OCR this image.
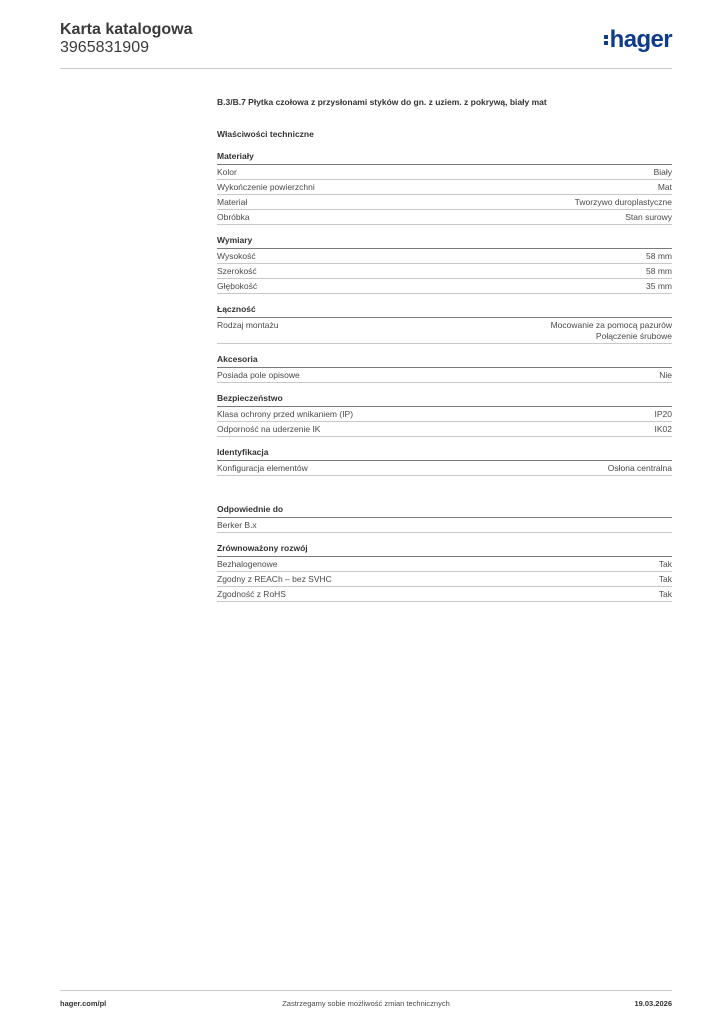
Karta katalogowa
3965831909	hager
B.3/B.7 Płytka czołowa z przysłonami styków do gn. z uziem. z pokrywą, biały mat
Właściwości techniczne
Materiały
Kolor	Biały
Wykończenie powierzchni	Mat
Materiał	Tworzywo duroplastyczne
Obróbka	Stan surowy
Wymiary
Wysokość	58 mm
Szerokość	58 mm
Głębokość	35 mm
Łączność
Rodzaj montażu	Mocowanie za pomocą pazurów
Połączenie śrubowe
Akcesoria
Posiada pole opisowe	Nie
Bezpieczeństwo
Klasa ochrony przed wnikaniem (IP)	IP20
Odporność na uderzenie IK	IK02
Identyfikacja
Konfiguracja elementów	Osłona centralna
Odpowiednie do
Berker B.x
Zrównoważony rozwój
Bezhalogenowe	Tak
Zgodny z REACh – bez SVHC	Tak
Zgodność z RoHS	Tak
hager.com/pl	Zastrzegamy sobie możliwość zmian technicznych	19.03.2026
